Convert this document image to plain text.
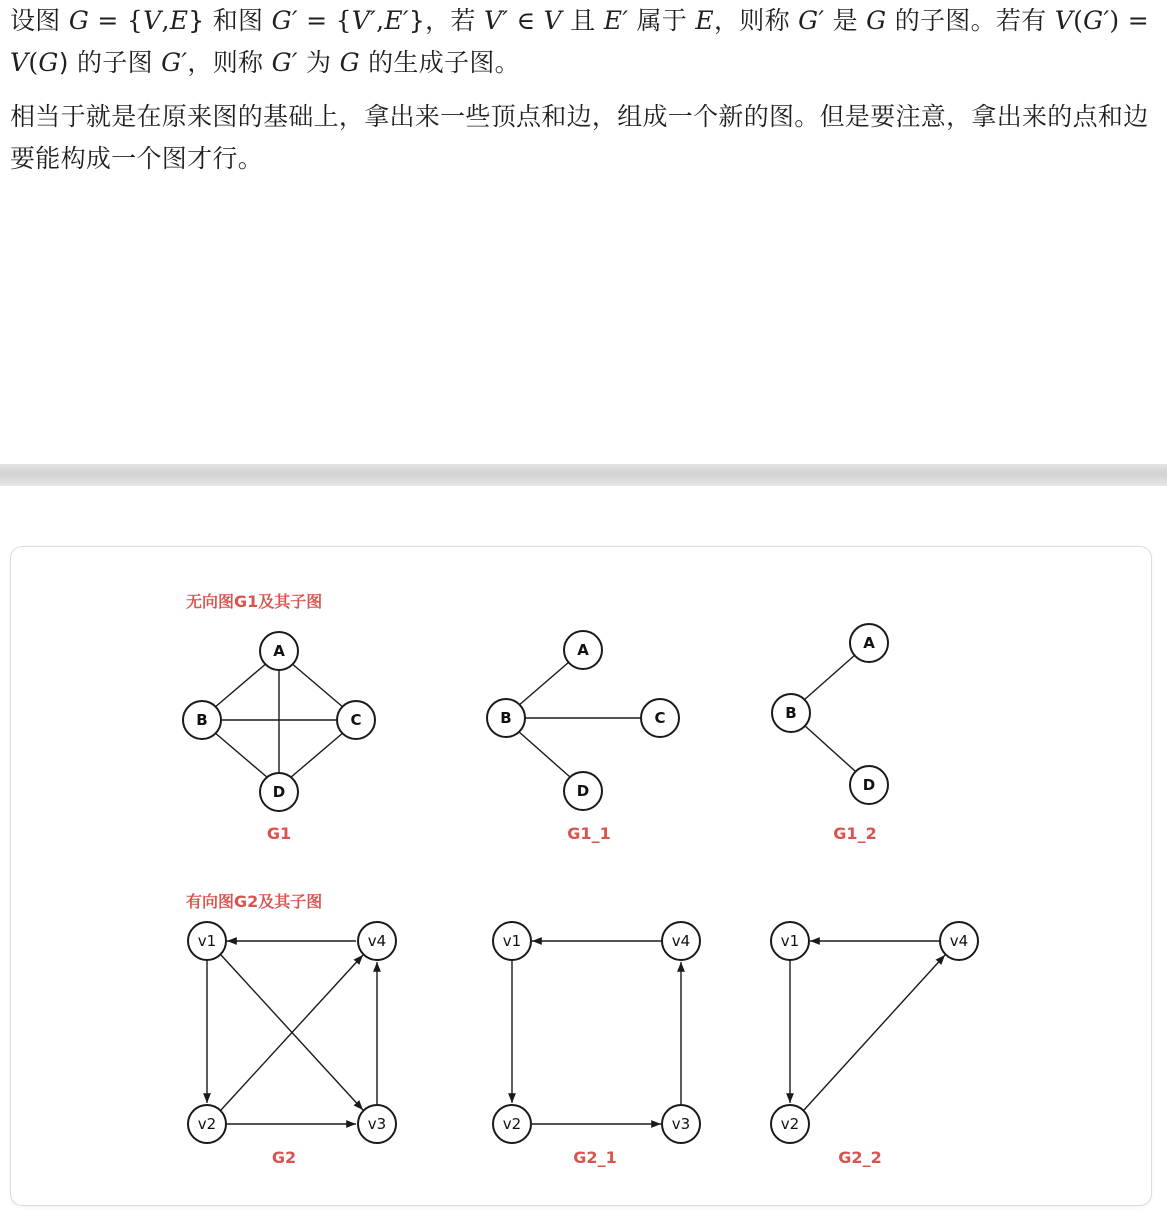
设图 G = {V,E} 和图 G′ = {V′,E′}，若 V′ ∈ V 且 E′ 属于 E，则称 G′ 是 G 的子图。若有 V(G′) = V(G) 的子图 G′，则称 G′ 为 G 的生成子图。

相当于就是在原来图的基础上，拿出来一些顶点和边，组成一个新的图。但是要注意，拿出来的点和边要能构成一个图才行。

无向图G1及其子图
有向图G2及其子图
A
B	C
D
G1
A
B	C
D
G1_1
A
B
D
G1_2
v1	v4
v2	v3
G2
v1	v4
v2	v3
G2_1
v1	v4
v2
G2_2
